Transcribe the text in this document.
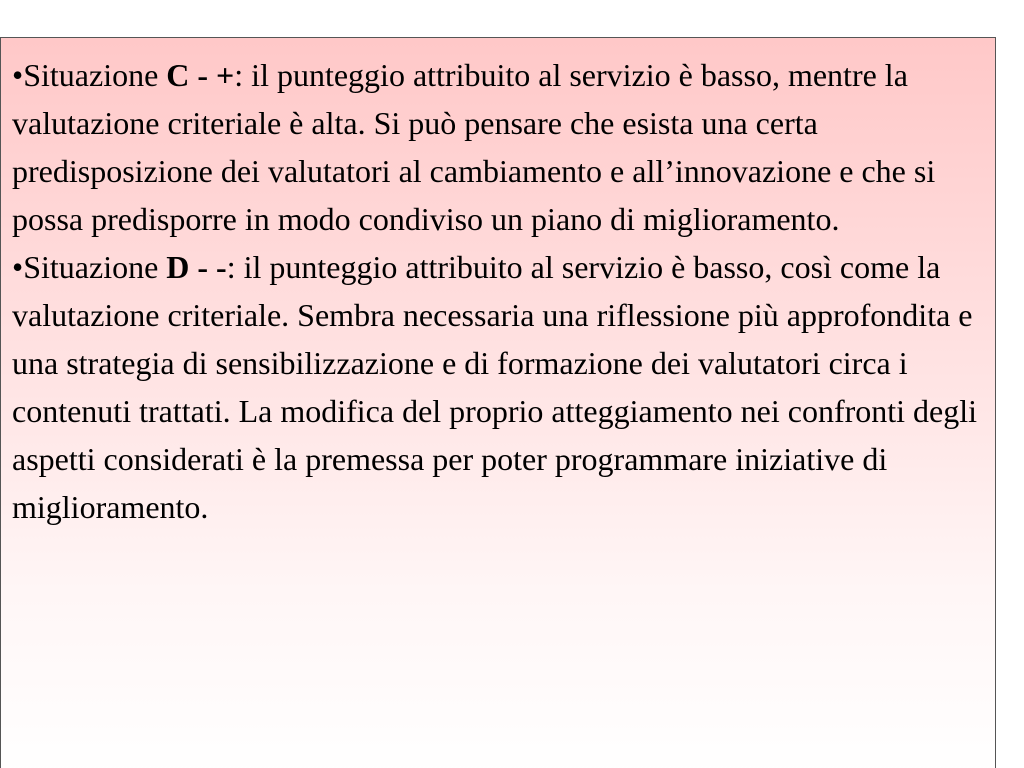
•Situazione C - +: il punteggio attribuito al servizio è basso, mentre la valutazione criteriale è alta. Si può pensare che esista una certa predisposizione dei valutatori al cambiamento e all’innovazione e che si possa predisporre in modo condiviso un piano di miglioramento.

•Situazione D - -: il punteggio attribuito al servizio è basso, così come la valutazione criteriale. Sembra necessaria una riflessione più approfondita e una strategia di sensibilizzazione e di formazione dei valutatori circa i contenuti trattati. La modifica del proprio atteggiamento nei confronti degli aspetti considerati è la premessa per poter programmare iniziative di miglioramento.
